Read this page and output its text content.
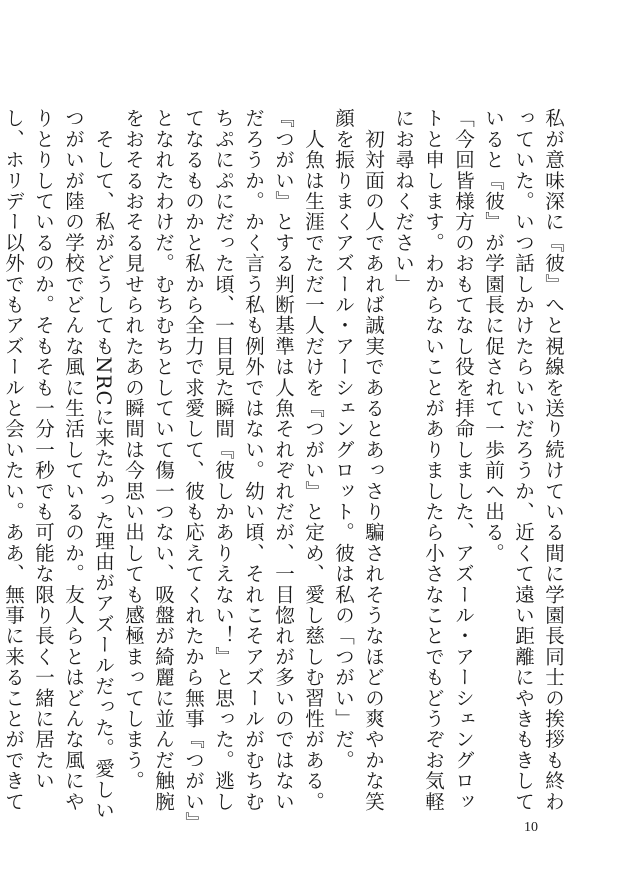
私が意味深に『彼』へと視線を送り続けている間に学園長同士の挨拶も終わっていた。いつ話しかけたらいいだろうか、近くて遠い距離にやきもきしていると『彼』が学園長に促されて一歩前へ出る。

「今回皆様方のおもてなし役を拝命しました、アズール・アーシェングロットと申します。わからないことがありましたら小さなことでもどうぞお気軽にお尋ねください」

　初対面の人であれば誠実であるとあっさり騙されそうなほどの爽やかな笑顔を振りまくアズール・アーシェングロット。彼は私の「つがい」だ。

　人魚は生涯でただ一人だけを『つがい』と定め、愛し慈しむ習性がある。『つがい』とする判断基準は人魚それぞれだが、一目惚れが多いのではないだろうか。かく言う私も例外ではない。幼い頃、それこそアズールがむちむちぷにぷにだった頃、一目見た瞬間『彼しかありえない！』と思った。逃してなるものかと私から全力で求愛して、彼も応えてくれたから無事『つがい』となれたわけだ。むちむちとしていて傷一つない、吸盤が綺麗に並んだ触腕をおそるおそる見せられたあの瞬間は今思い出しても感極まってしまう。

　そして、私がどうしてもNRCに来たかった理由がアズールだった。愛しいつがいが陸の学校でどんな風に生活しているのか。友人らとはどんな風にやりとりしているのか。そもそも一分一秒でも可能な限り長く一緒に居たいし、ホリデー以外でもアズールと会いたい。ああ、無事に来ることができて

10
